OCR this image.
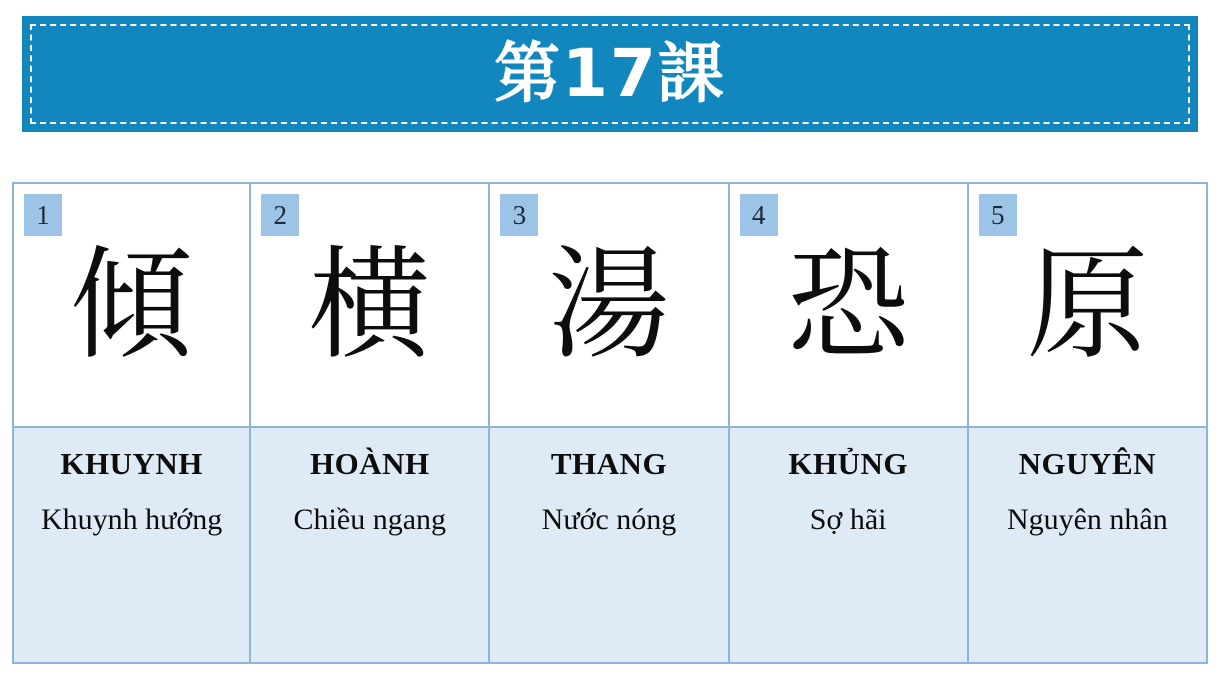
第17課
1
傾
KHUYNH
Khuynh hướng
2
横
HOÀNH
Chiều ngang
3
湯
THANG
Nước nóng
4
恐
KHỦNG
Sợ hãi
5
原
NGUYÊN
Nguyên nhân
